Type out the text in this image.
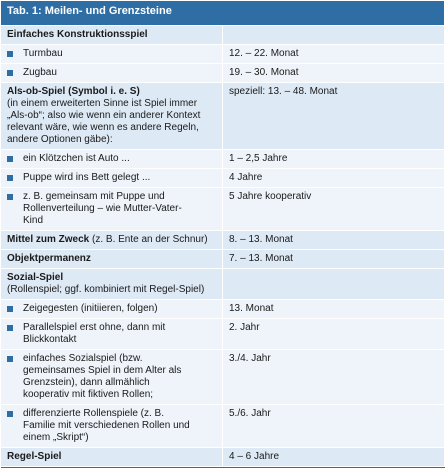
Tab. 1: Meilen- und Grenzsteine	
Einfaches Konstruktionsspiel	
Turmbau	12. – 22. Monat
Zugbau	19. – 30. Monat
Als-ob-Spiel (Symbol i. e. S)
(in einem erweiterten Sinne ist Spiel immer „Als-ob“; also wie wenn ein anderer Kontext relevant wäre, wie wenn es andere Regeln, andere Optionen gäbe):	speziell: 13. – 48. Monat
ein Klötzchen ist Auto ...	1 – 2,5 Jahre
Puppe wird ins Bett gelegt ...	4 Jahre
z. B. gemeinsam mit Puppe und Rollenverteilung – wie Mutter-Vater-Kind	5 Jahre kooperativ
Mittel zum Zweck (z. B. Ente an der Schnur)	8. – 13. Monat
Objektpermanenz	7. – 13. Monat
Sozial-Spiel
(Rollenspiel; ggf. kombiniert mit Regel-Spiel)	
Zeigegesten (initiieren, folgen)	13. Monat
Parallelspiel erst ohne, dann mit Blickkontakt	2. Jahr
einfaches Sozialspiel (bzw. gemeinsames Spiel in dem Alter als Grenzstein), dann allmählich kooperativ mit fiktiven Rollen;	3./4. Jahr
differenzierte Rollenspiele (z. B. Familie mit verschiedenen Rollen und einem „Skript“)	5./6. Jahr
Regel-Spiel	4 – 6 Jahre
